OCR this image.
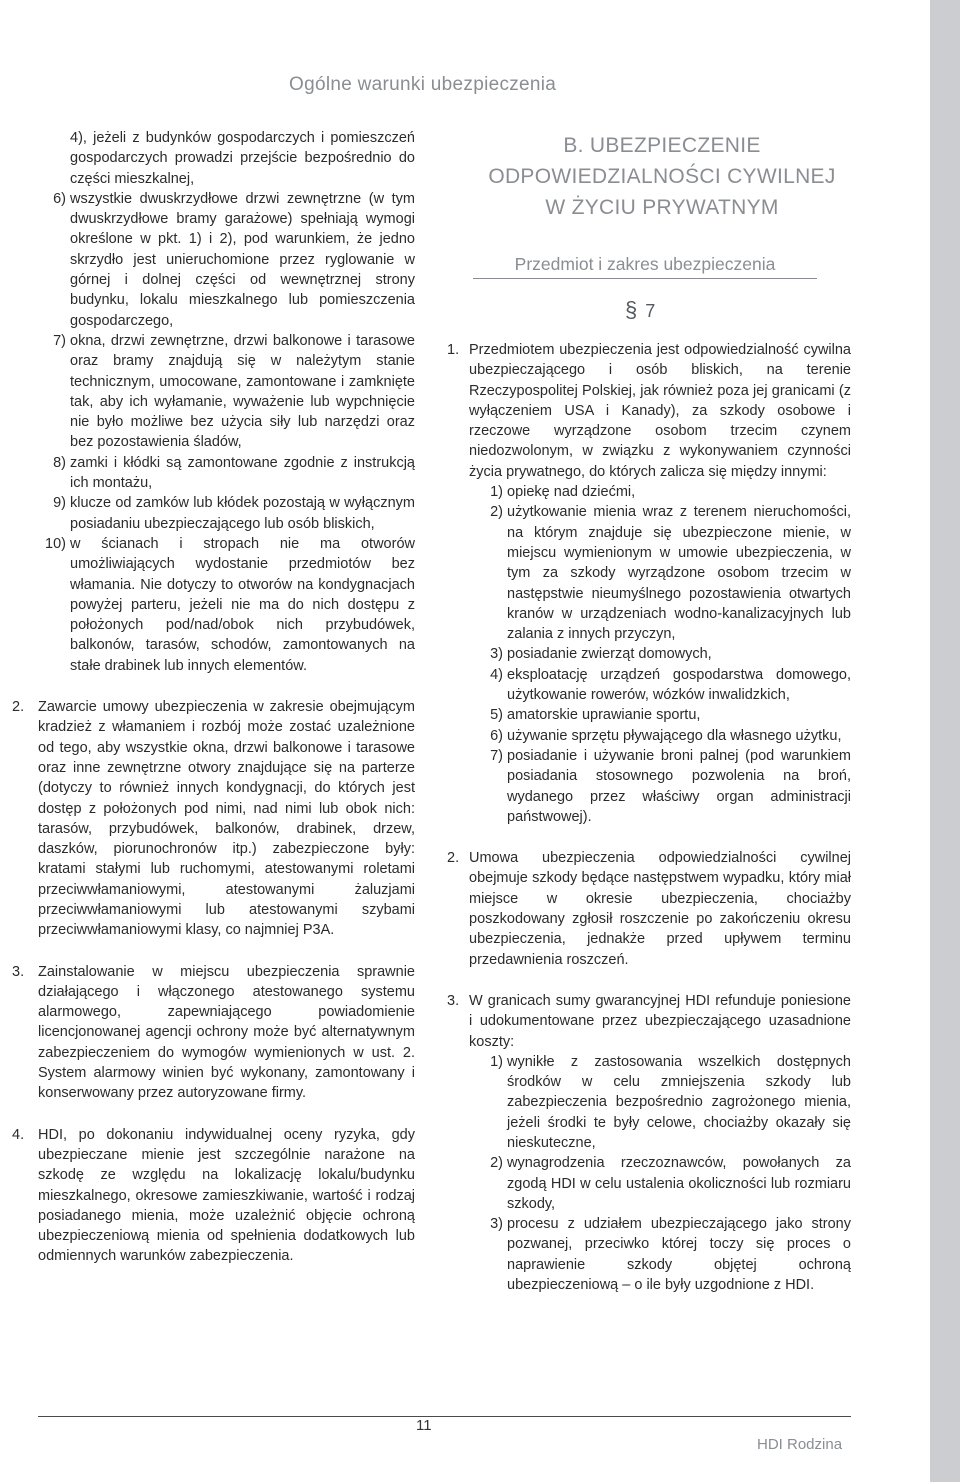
Ogólne warunki ubezpieczenia
4), jeżeli z budynków gospodarczych i pomieszczeń gospodarczych prowadzi przejście bezpośrednio do części mieszkalnej,
6) wszystkie dwuskrzydłowe drzwi zewnętrzne (w tym dwuskrzydłowe bramy garażowe) spełniają wymogi określone w pkt. 1) i 2), pod warunkiem, że jedno skrzydło jest unieruchomione przez ryglowanie w górnej i dolnej części od wewnętrznej strony budynku, lokalu mieszkalnego lub pomieszczenia gospodarczego,
7) okna, drzwi zewnętrzne, drzwi balkonowe i tarasowe oraz bramy znajdują się w należytym stanie technicznym, umocowane, zamontowane i zamknięte tak, aby ich wyłamanie, wyważenie lub wypchnięcie nie było możliwe bez użycia siły lub narzędzi oraz bez pozostawienia śladów,
8) zamki i kłódki są zamontowane zgodnie z instrukcją ich montażu,
9) klucze od zamków lub kłódek pozostają w wyłącznym posiadaniu ubezpieczającego lub osób bliskich,
10) w ścianach i stropach nie ma otworów umożliwiających wydostanie przedmiotów bez włamania. Nie dotyczy to otworów na kondygnacjach powyżej parteru, jeżeli nie ma do nich dostępu z położonych pod/nad/obok nich przybudówek, balkonów, tarasów, schodów, zamontowanych na stałe drabinek lub innych elementów.
2. Zawarcie umowy ubezpieczenia w zakresie obejmującym kradzież z włamaniem i rozbój może zostać uzależnione od tego, aby wszystkie okna, drzwi balkonowe i tarasowe oraz inne zewnętrzne otwory znajdujące się na parterze (dotyczy to również innych kondygnacji, do których jest dostęp z położonych pod nimi, nad nimi lub obok nich: tarasów, przybudówek, balkonów, drabinek, drzew, daszków, piorunochronów itp.) zabezpieczone były: kratami stałymi lub ruchomymi, atestowanymi roletami przeciwwłamaniowymi, atestowanymi żaluzjami przeciwwłamaniowymi lub atestowanymi szybami przeciwwłamaniowymi klasy, co najmniej P3A.
3. Zainstalowanie w miejscu ubezpieczenia sprawnie działającego i włączonego atestowanego systemu alarmowego, zapewniającego powiadomienie licencjonowanej agencji ochrony może być alternatywnym zabezpieczeniem do wymogów wymienionych w ust. 2. System alarmowy winien być wykonany, zamontowany i konserwowany przez autoryzowane firmy.
4. HDI, po dokonaniu indywidualnej oceny ryzyka, gdy ubezpieczane mienie jest szczególnie narażone na szkodę ze względu na lokalizację lokalu/budynku mieszkalnego, okresowe zamieszkiwanie, wartość i rodzaj posiadanego mienia, może uzależnić objęcie ochroną ubezpieczeniową mienia od spełnienia dodatkowych lub odmiennych warunków zabezpieczenia.
B. UBEZPIECZENIE
ODPOWIEDZIALNOŚCI CYWILNEJ
W ŻYCIU PRYWATNYM
Przedmiot i zakres ubezpieczenia
§ 7
1. Przedmiotem ubezpieczenia jest odpowiedzialność cywilna ubezpieczającego i osób bliskich, na terenie Rzeczypospolitej Polskiej, jak również poza jej granicami (z wyłączeniem USA i Kanady), za szkody osobowe i rzeczowe wyrządzone osobom trzecim czynem niedozwolonym, w związku z wykonywaniem czynności życia prywatnego, do których zalicza się między innymi:
1) opiekę nad dziećmi,
2) użytkowanie mienia wraz z terenem nieruchomości, na którym znajduje się ubezpieczone mienie, w miejscu wymienionym w umowie ubezpieczenia, w tym za szkody wyrządzone osobom trzecim w następstwie nieumyślnego pozostawienia otwartych kranów w urządzeniach wodno-kanalizacyjnych lub zalania z innych przyczyn,
3) posiadanie zwierząt domowych,
4) eksploatację urządzeń gospodarstwa domowego, użytkowanie rowerów, wózków inwalidzkich,
5) amatorskie uprawianie sportu,
6) używanie sprzętu pływającego dla własnego użytku,
7) posiadanie i używanie broni palnej (pod warunkiem posiadania stosownego pozwolenia na broń, wydanego przez właściwy organ administracji państwowej).
2. Umowa ubezpieczenia odpowiedzialności cywilnej obejmuje szkody będące następstwem wypadku, który miał miejsce w okresie ubezpieczenia, chociażby poszkodowany zgłosił roszczenie po zakończeniu okresu ubezpieczenia, jednakże przed upływem terminu przedawnienia roszczeń.
3. W granicach sumy gwarancyjnej HDI refunduje poniesione i udokumentowane przez ubezpieczającego uzasadnione koszty:
1) wynikłe z zastosowania wszelkich dostępnych środków w celu zmniejszenia szkody lub zabezpieczenia bezpośrednio zagrożonego mienia, jeżeli środki te były celowe, chociażby okazały się nieskuteczne,
2) wynagrodzenia rzeczoznawców, powołanych za zgodą HDI w celu ustalenia okoliczności lub rozmiaru szkody,
3) procesu z udziałem ubezpieczającego jako strony pozwanej, przeciwko której toczy się proces o naprawienie szkody objętej ochroną ubezpieczeniową – o ile były uzgodnione z HDI.
11
HDI Rodzina
